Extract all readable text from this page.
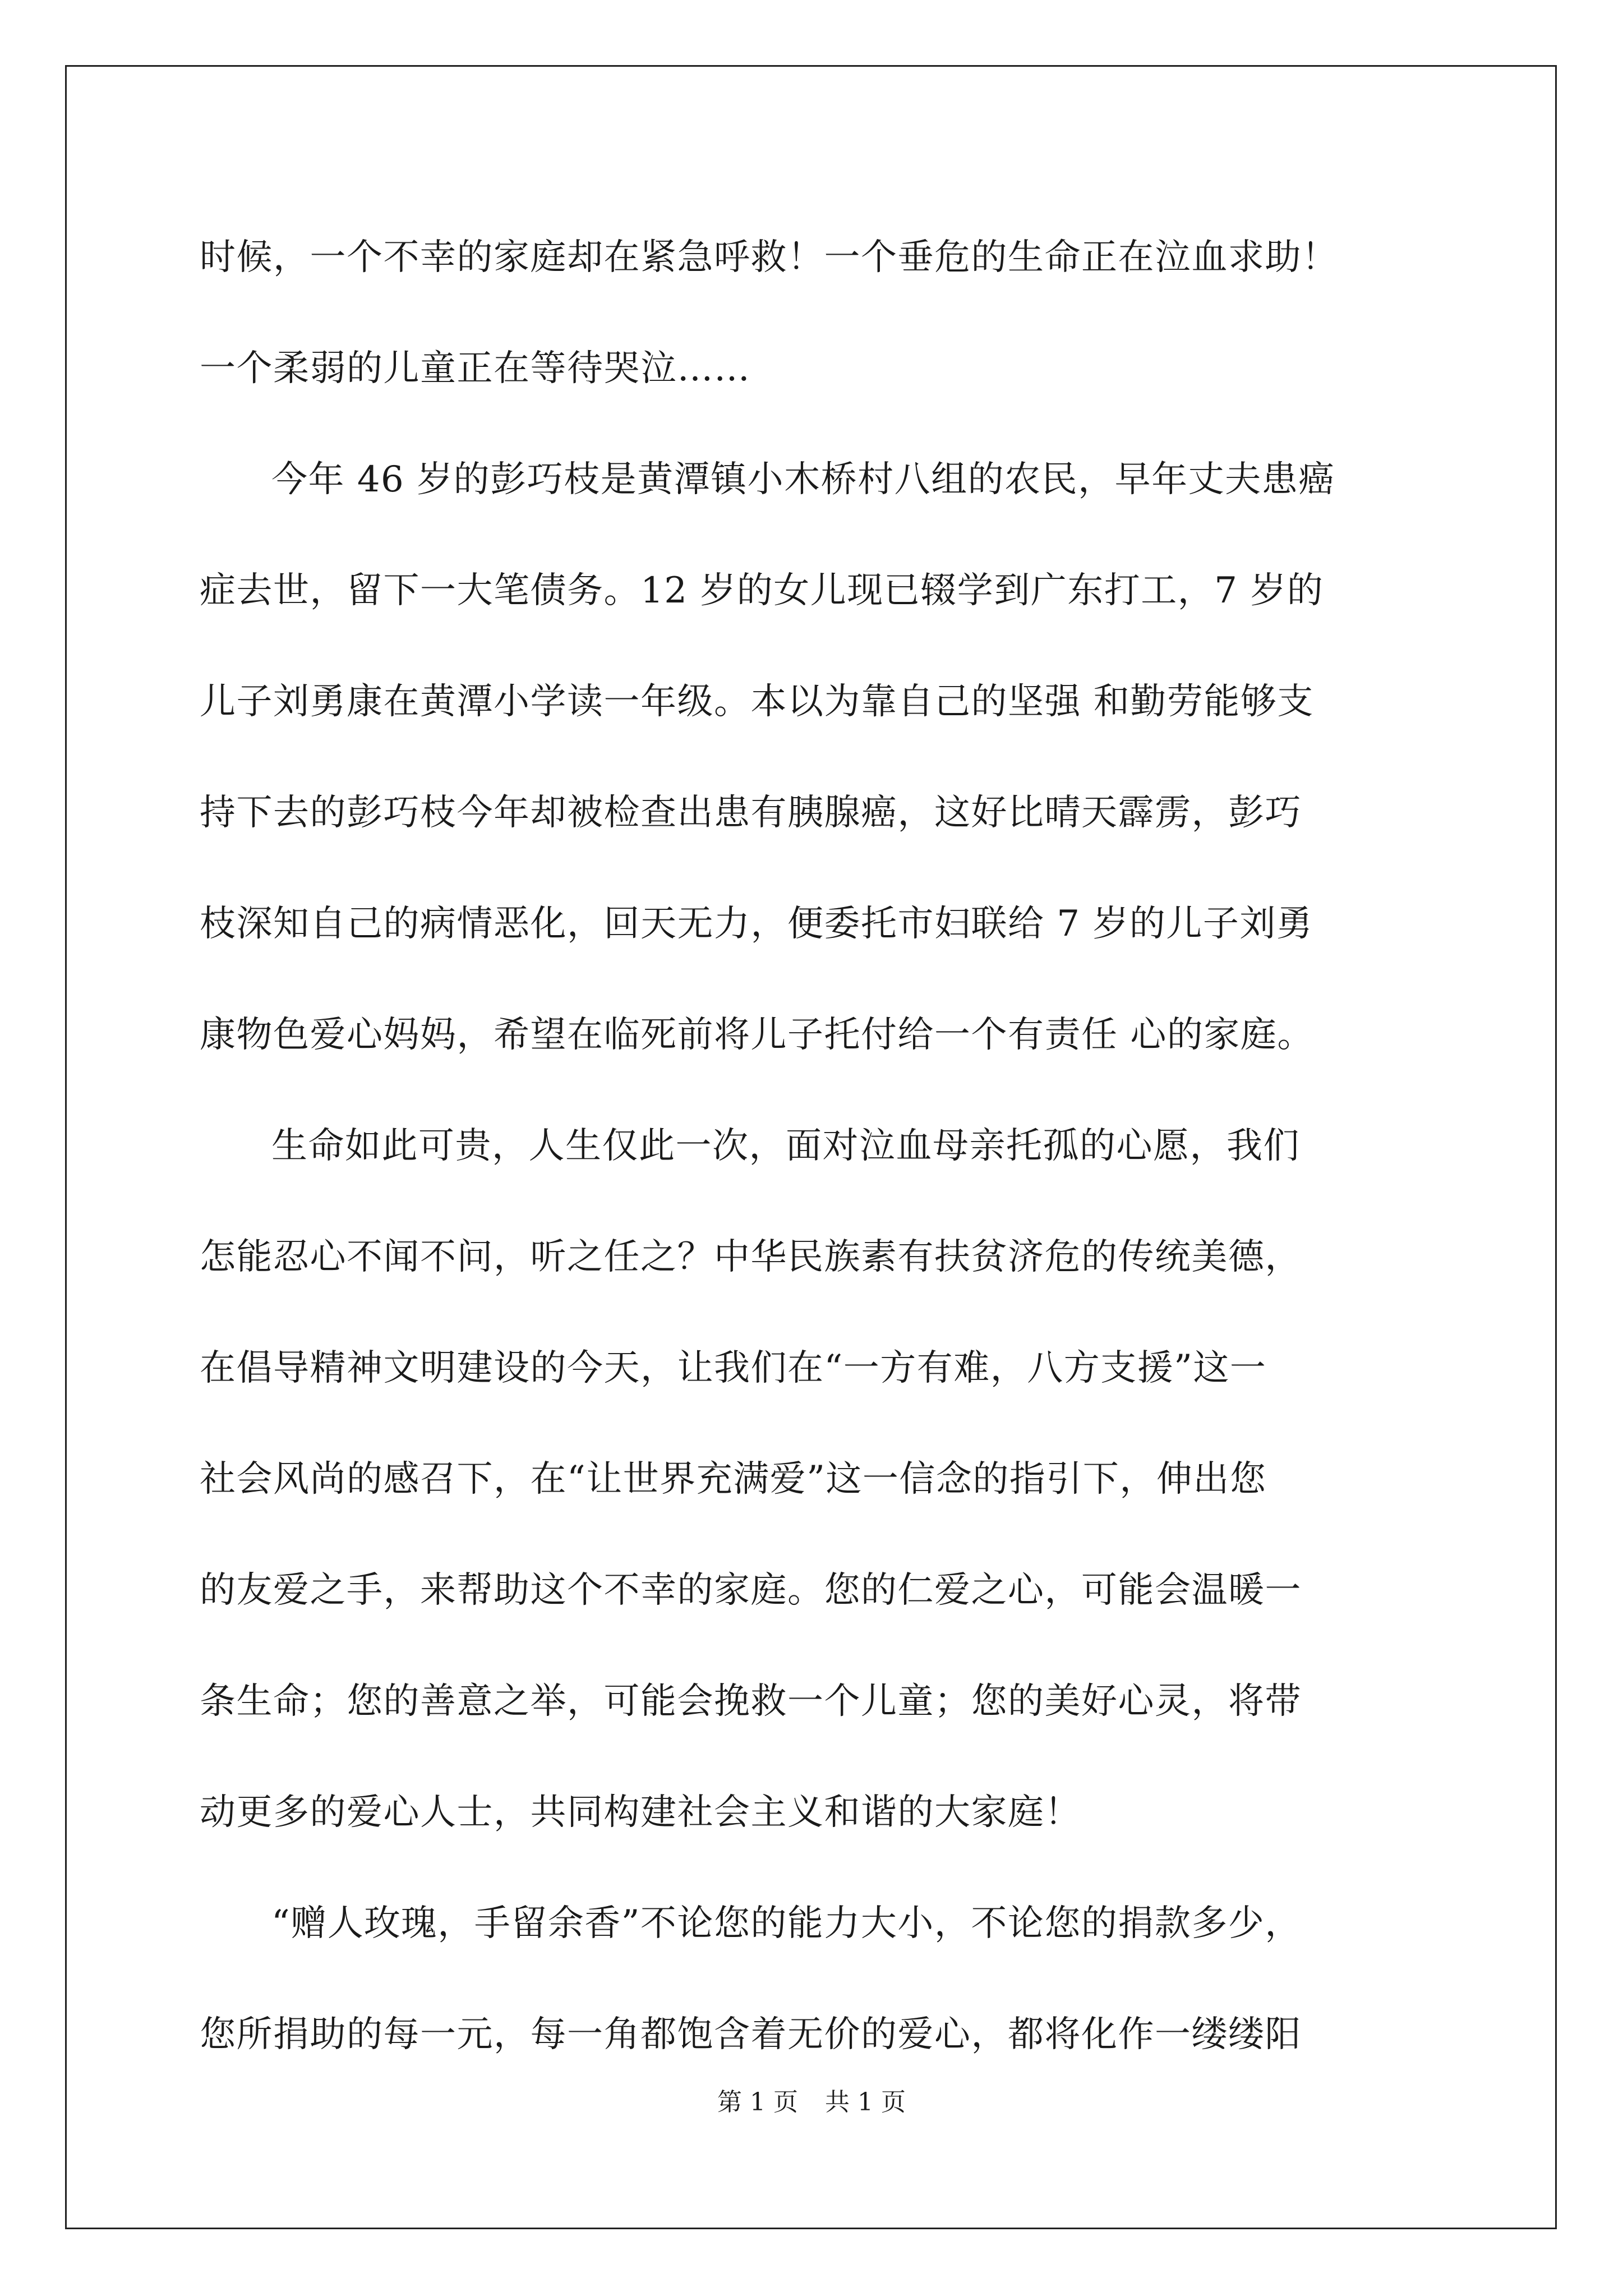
时候，一个不幸的家庭却在紧急呼救！一个垂危的生命正在泣血求助！
一个柔弱的儿童正在等待哭泣……
今年 46 岁的彭巧枝是黄潭镇小木桥村八组的农民，早年丈夫患癌
症去世，留下一大笔债务。12 岁的女儿现已辍学到广东打工，7 岁的
儿子刘勇康在黄潭小学读一年级。本以为靠自己的坚强 和勤劳能够支
持下去的彭巧枝今年却被检查出患有胰腺癌，这好比晴天霹雳，彭巧
枝深知自己的病情恶化，回天无力，便委托市妇联给 7 岁的儿子刘勇
康物色爱心妈妈，希望在临死前将儿子托付给一个有责任 心的家庭。
生命如此可贵，人生仅此一次，面对泣血母亲托孤的心愿，我们
怎能忍心不闻不问，听之任之？中华民族素有扶贫济危的传统美德，
在倡导精神文明建设的今天，让我们在“一方有难，八方支援”这一
社会风尚的感召下，在“让世界充满爱”这一信念的指引下，伸出您
的友爱之手，来帮助这个不幸的家庭。您的仁爱之心，可能会温暖一
条生命；您的善意之举，可能会挽救一个儿童；您的美好心灵，将带
动更多的爱心人士，共同构建社会主义和谐的大家庭！
“赠人玫瑰，手留余香”不论您的能力大小，不论您的捐款多少，
您所捐助的每一元，每一角都饱含着无价的爱心，都将化作一缕缕阳
第 1 页 共 1 页
